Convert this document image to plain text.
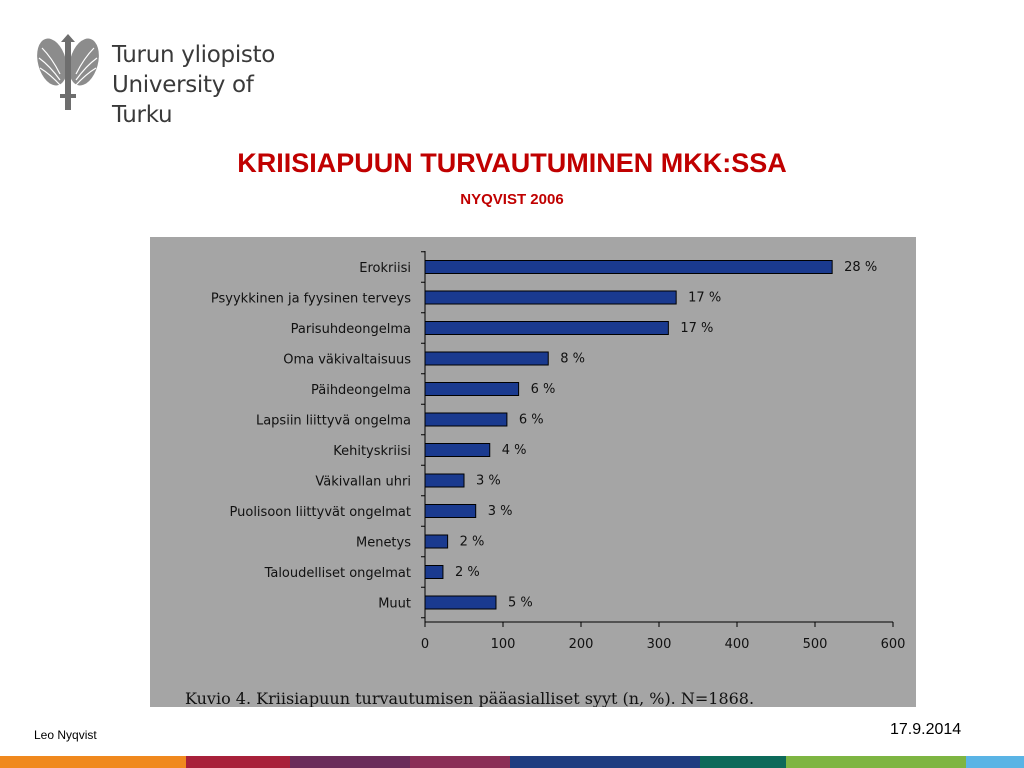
Turun yliopisto
University of Turku
KRIISIAPUUN TURVAUTUMINEN MKK:SSA
NYQVIST 2006
Erokriisi	28 %
Psyykkinen ja fyysinen terveys	17 %
Parisuhdeongelma	17 %
Oma väkivaltaisuus	8 %
Päihdeongelma	6 %
Lapsiin liittyvä ongelma	6 %
Kehityskriisi	4 %
Väkivallan uhri	3 %
Puolisoon liittyvät ongelmat	3 %
Menetys	2 %
Taloudelliset ongelmat	2 %
Muut	5 %
0	100	200	300	400	500	600
Kuvio 4. Kriisiapuun turvautumisen pääasialliset syyt (n, %). N=1868.
Leo Nyqvist	17.9.2014
